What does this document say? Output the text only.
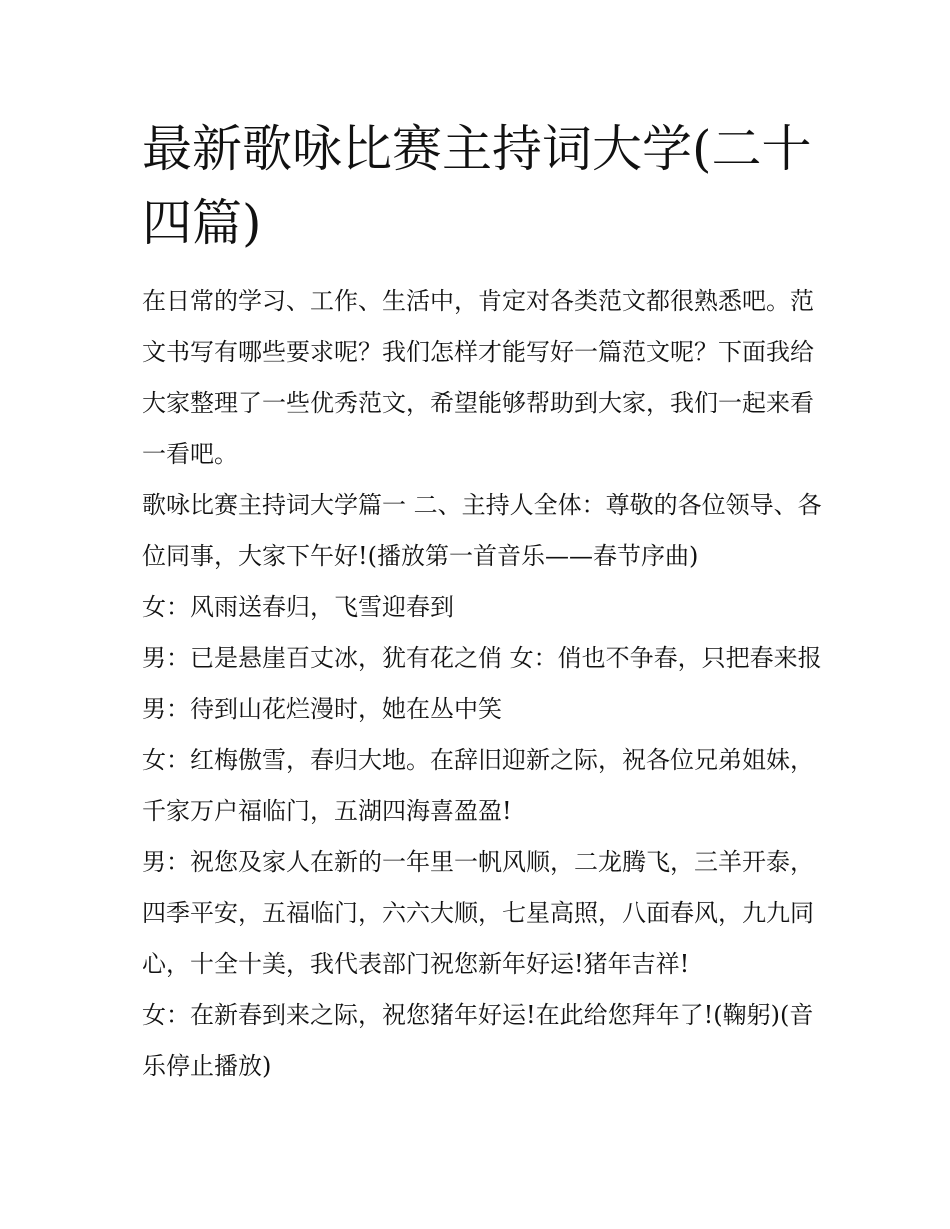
最新歌咏比赛主持词大学(二十四篇)

在日常的学习、工作、生活中，肯定对各类范文都很熟悉吧。范文书写有哪些要求呢？我们怎样才能写好一篇范文呢？下面我给大家整理了一些优秀范文，希望能够帮助到大家，我们一起来看一看吧。

歌咏比赛主持词大学篇一 二、主持人全体：尊敬的各位领导、各位同事，大家下午好!(播放第一首音乐——春节序曲)

女：风雨送春归，飞雪迎春到

男：已是悬崖百丈冰，犹有花之俏 女：俏也不争春，只把春来报 男：待到山花烂漫时，她在丛中笑

女：红梅傲雪，春归大地。在辞旧迎新之际，祝各位兄弟姐妹，千家万户福临门，五湖四海喜盈盈!

男：祝您及家人在新的一年里一帆风顺，二龙腾飞，三羊开泰，四季平安，五福临门，六六大顺，七星高照，八面春风，九九同心，十全十美，我代表部门祝您新年好运!猪年吉祥!

女：在新春到来之际，祝您猪年好运!在此给您拜年了!(鞠躬)(音乐停止播放)
